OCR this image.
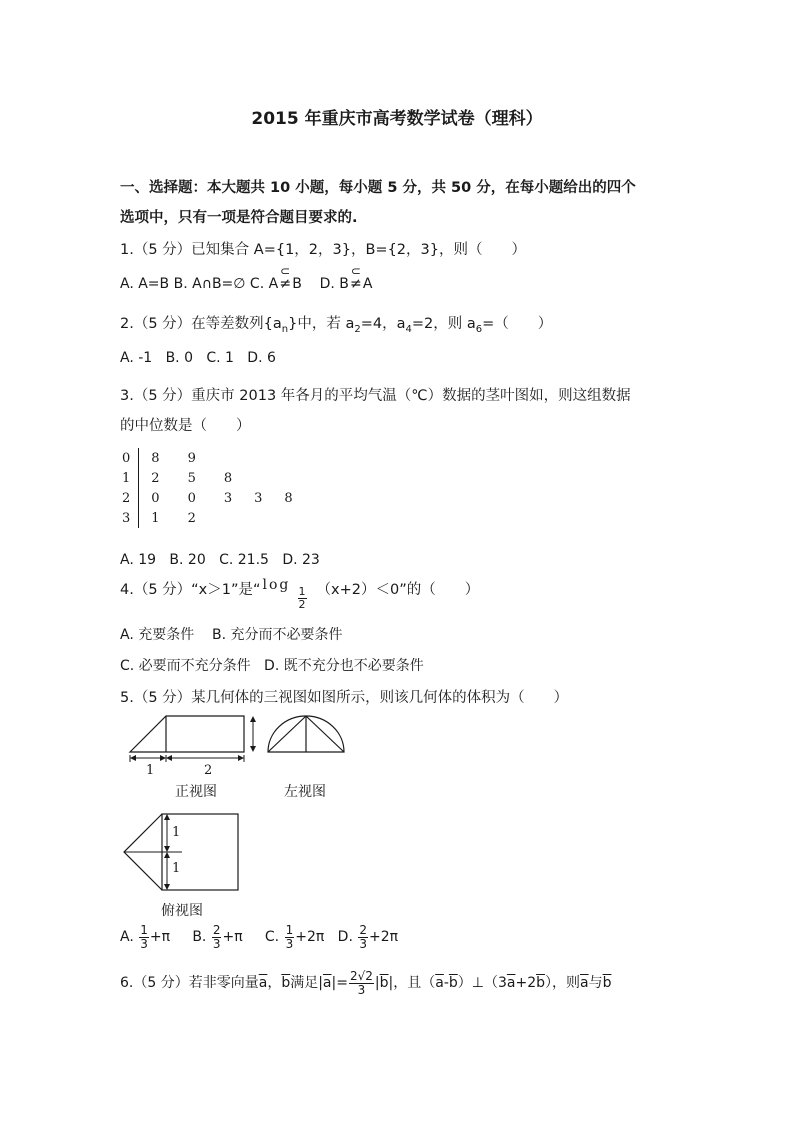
2015 年重庆市高考数学试卷（理科）
一、选择题：本大题共 10 小题，每小题 5 分，共 50 分，在每小题给出的四个
选项中，只有一项是符合题目要求的.
1.（5 分）已知集合 A={1，2，3}，B={2，3}，则（　　）
A. A=B B. A∩B=∅ C. A
⊂
≠B D. B
⊂
≠A
2.（5 分）在等差数列$\{a_n\}$中，若 $a_2=4$，$a_4=2$，则 $a_6=$（　　）
A. -1 B. 0 C. 1 D. 6
3.（5 分）重庆市 2013 年各月的平均气温（℃）数据的茎叶图如，则这组数据
的中位数是（　　）
0	8	9			
1	2	5	8		
2	0	0	3	3	8
3	1	2			
A. 19 B. 20 C. 21.5 D. 23
4.（5 分）“x＞1”是“ log
$\frac{1}{2} (x+2)<0$”的（　　）
A. 充要条件 B. 充分而不必要条件
C. 必要而不充分条件 D. 既不充分也不必要条件
5.（5 分）某几何体的三视图如图所示，则该几何体的体积为（　　）
1	2
正视图	左视图
1
1
俯视图
A. $\frac{1}{3} +\pi$ B. $\frac{2}{3} +\pi$ C. $\frac{1}{3} +2\pi$ D. $\frac{2}{3} +2\pi$
6.（5 分）若非零向量$\overline{a}$，$\overline{b}$满足$|\overline{a}|= \frac{2√2}{3} |\overline{b}|$，且$(\overline{a}-\overline{b})\perp(3\overline{a}+2\overline{b})$，则$\overline{a}$与$\overline{b}$
